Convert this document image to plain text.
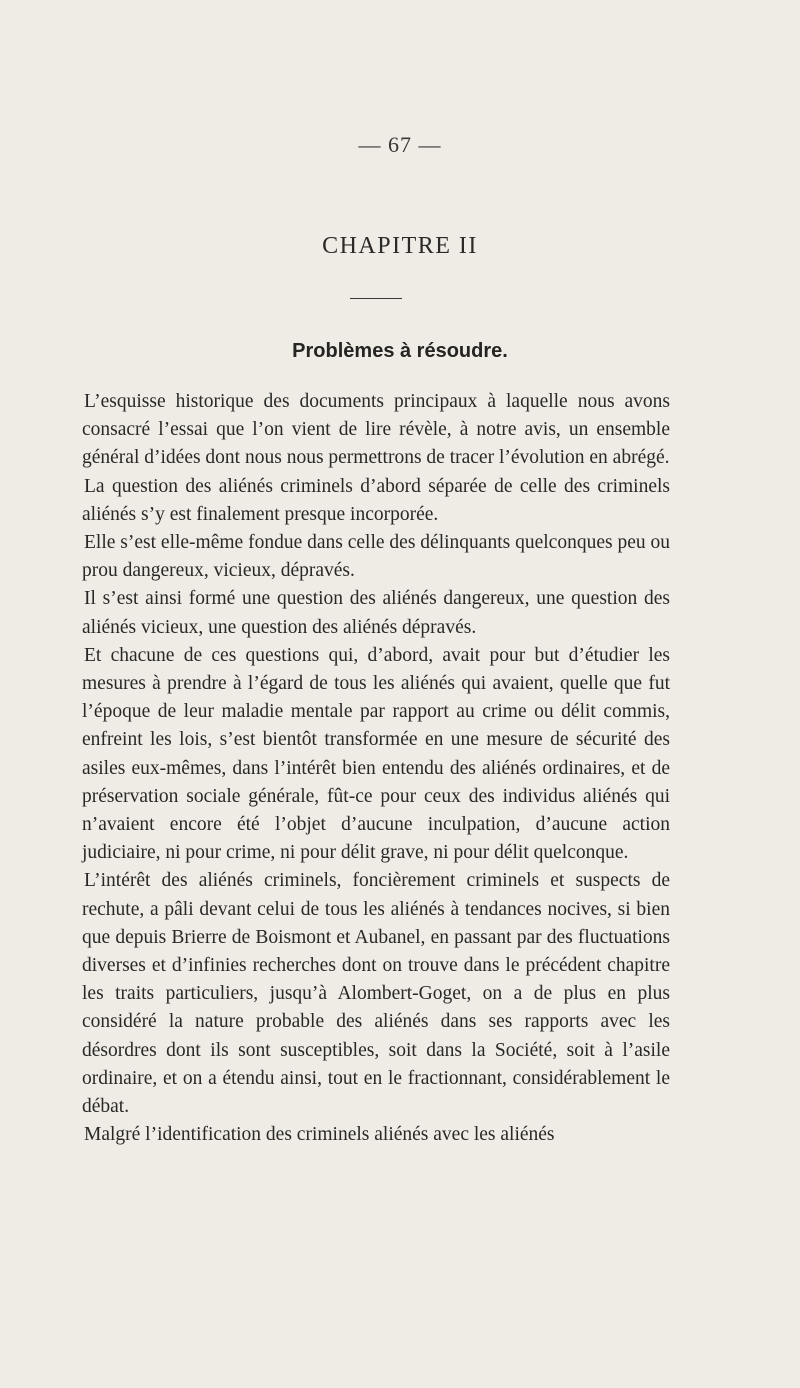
— 67 —
CHAPITRE II
Problèmes à résoudre.

L’esquisse historique des documents principaux à laquelle nous avons consacré l’essai que l’on vient de lire révèle, à notre avis, un ensemble général d’idées dont nous nous permettrons de tracer l’évolution en abrégé.

La question des aliénés criminels d’abord séparée de celle des criminels aliénés s’y est finalement presque incorporée.

Elle s’est elle-même fondue dans celle des délinquants quelconques peu ou prou dangereux, vicieux, dépravés.

Il s’est ainsi formé une question des aliénés dangereux, une question des aliénés vicieux, une question des aliénés dépravés.

Et chacune de ces questions qui, d’abord, avait pour but d’étudier les mesures à prendre à l’égard de tous les aliénés qui avaient, quelle que fut l’époque de leur maladie mentale par rapport au crime ou délit commis, enfreint les lois, s’est bientôt transformée en une mesure de sécurité des asiles eux-mêmes, dans l’intérêt bien entendu des aliénés ordinaires, et de préservation sociale générale, fût-ce pour ceux des individus aliénés qui n’avaient encore été l’objet d’aucune inculpation, d’aucune action judiciaire, ni pour crime, ni pour délit grave, ni pour délit quelconque.

L’intérêt des aliénés criminels, foncièrement criminels et suspects de rechute, a pâli devant celui de tous les aliénés à tendances nocives, si bien que depuis Brierre de Boismont et Aubanel, en passant par des fluctuations diverses et d’infinies recherches dont on trouve dans le précédent chapitre les traits particuliers, jusqu’à Alombert-Goget, on a de plus en plus considéré la nature probable des aliénés dans ses rapports avec les désordres dont ils sont susceptibles, soit dans la Société, soit à l’asile ordinaire, et on a étendu ainsi, tout en le fractionnant, considérablement le débat.

Malgré l’identification des criminels aliénés avec les aliénés
